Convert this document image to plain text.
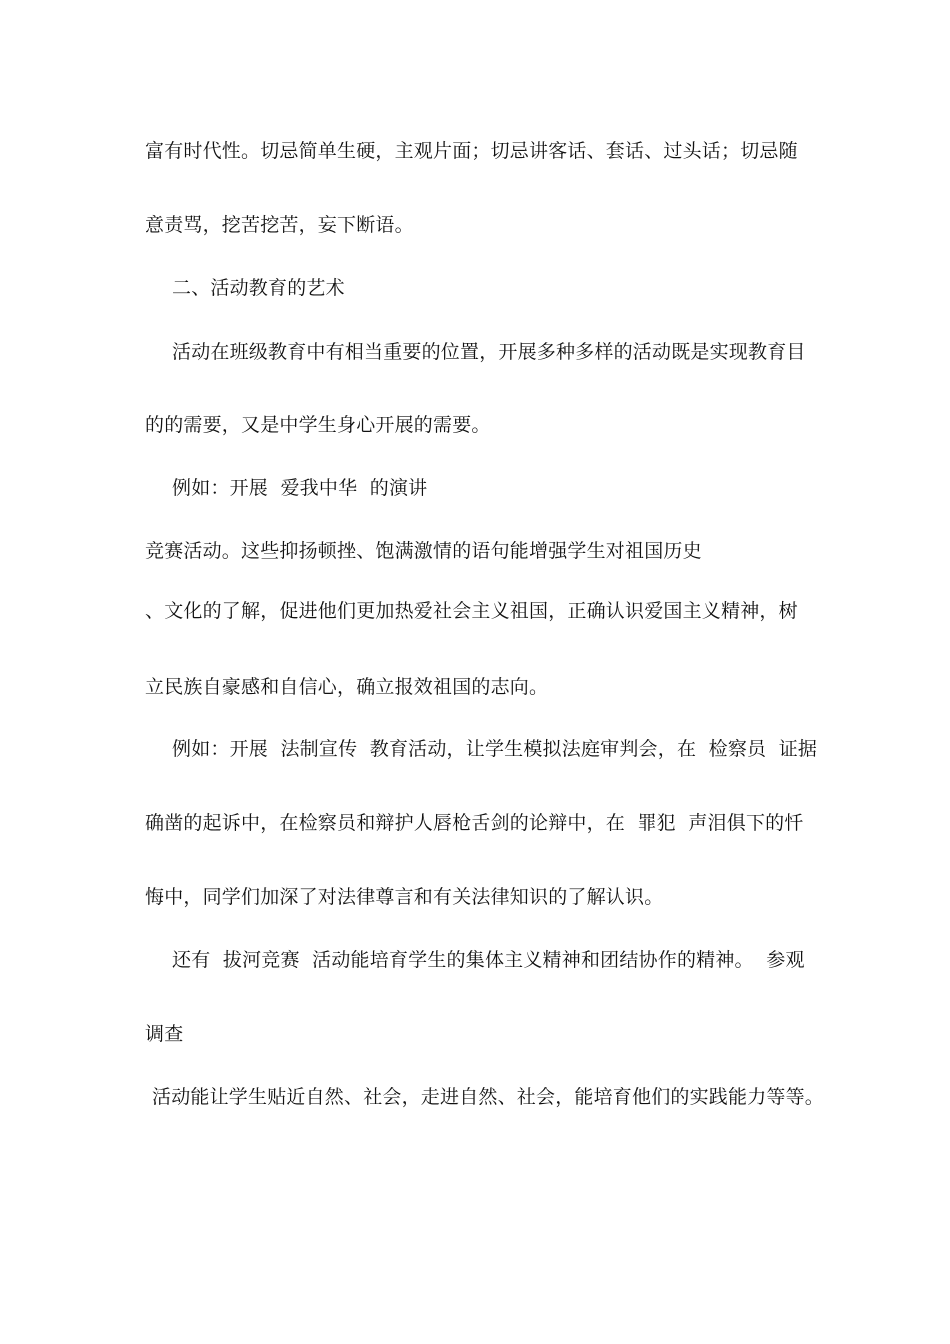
富有时代性。切忌简单生硬，主观片面；切忌讲客话、套话、过头话；切忌随
意责骂，挖苦挖苦，妄下断语。
二、活动教育的艺术
活动在班级教育中有相当重要的位置，开展多种多样的活动既是实现教育目
的的需要，又是中学生身心开展的需要。
例如：开展  爱我中华  的演讲
竞赛活动。这些抑扬顿挫、饱满激情的语句能增强学生对祖国历史
、文化的了解，促进他们更加热爱社会主义祖国，正确认识爱国主义精神，树
立民族自豪感和自信心，确立报效祖国的志向。
例如：开展  法制宣传  教育活动，让学生模拟法庭审判会，在  检察员  证据
确凿的起诉中，在检察员和辩护人唇枪舌剑的论辩中，在  罪犯  声泪俱下的忏
悔中，同学们加深了对法律尊言和有关法律知识的了解认识。
还有  拔河竞赛  活动能培育学生的集体主义精神和团结协作的精神。  参观
调查
活动能让学生贴近自然、社会，走进自然、社会，能培育他们的实践能力等等。
